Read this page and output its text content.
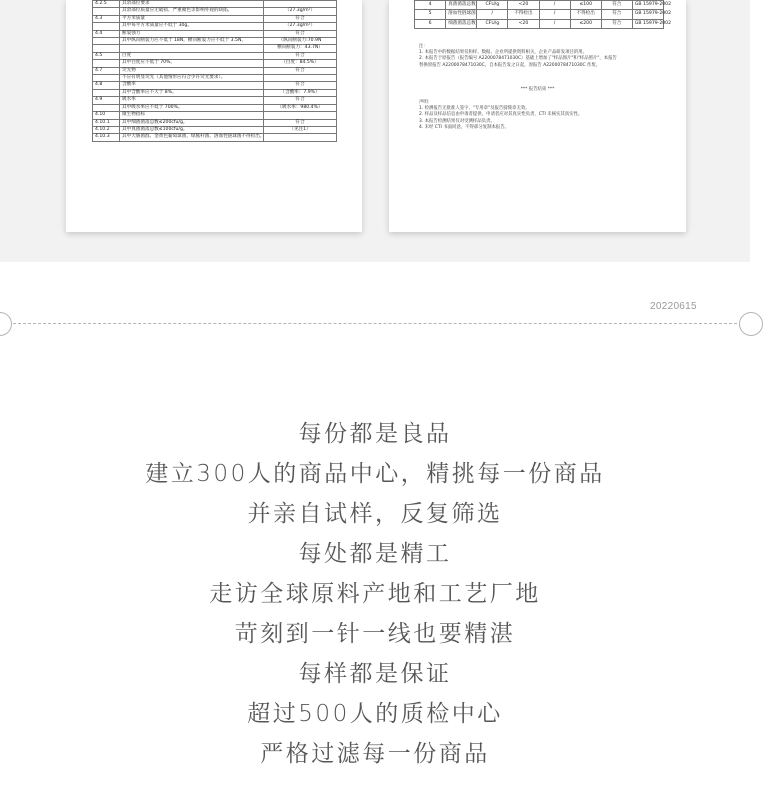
4.2.5	其余部位要求	
	其余部位质量应无破损、严重褪色等影响外观的缺陷。	（27.3g/m²）
4.3	平方米质量	符合
	其中每平方米质量应不低于 30g。	（27.3g/m²）
4.4	断裂强力	符合
	其中纵向断裂力应不低于 18N，横向断裂力应不低于 3.5N。	（纵向断裂力:70.9N
		横向断裂力：43.7N）
4.5	白度	符合
	其中白度应不低于 70%。	（白度：84.5%）
4.7	荧光物	符合
	不应有明显荧光（其他情形应符合少许荧光要求）。	
4.8	含酸率	符合
	其中含酸率应不大于 8%。	（含酸率：7.9%）
4.9	吸水率	符合
	其中吸水率应不低于 700%。	（吸水率：980.4%）
4.10	微生物指标	
4.10.1	其中细菌菌落总数≤200cfu/g。	符合
4.10.2	其中真菌菌落总数≤100cfu/g。	（见注1）
4.10.3	其中大肠菌群、金黄色葡萄球菌、绿脓杆菌、溶血性链球菌不得检出。	
4	真菌菌落总数	CFU/g	<20	/	≤100	符合	GB 15979-2002
5	溶血性链球菌	/	不得检出	/	不得检出	符合	GB 15979-2002
6	细菌菌落总数	CFU/g	<20	/	≤200	符合	GB 15979-2002
注：
1. 本报告中的数据结果仅和样、数据、企业所提供资料相关，企业产品研发项目的用。
2. 本报告于原报告（报告编号 A2200078471030C）基础上增加了"样品图片"和"样品照片"，本报告
替换原报告 A2200078471030C，自本报告发之日起，原报告 A2200078471030C 作废。
*** 报告结束 ***
声明：
1. 检测报告无批准人签字、"专用章"及报告骑缝章无效。
2. 样品及样品信息由申请者提供，申请者应对其真实性负责，CTI 未核实其真实性。
3. 本报告检测结果仅对受测样品负责。
4. 未经 CTI 书面同意，不得部分复制本报告。
20220615
每份都是良品
建立300人的商品中心，精挑每一份商品
并亲自试样，反复筛选
每处都是精工
走访全球原料产地和工艺厂地
苛刻到一针一线也要精湛
每样都是保证
超过500人的质检中心
严格过滤每一份商品
